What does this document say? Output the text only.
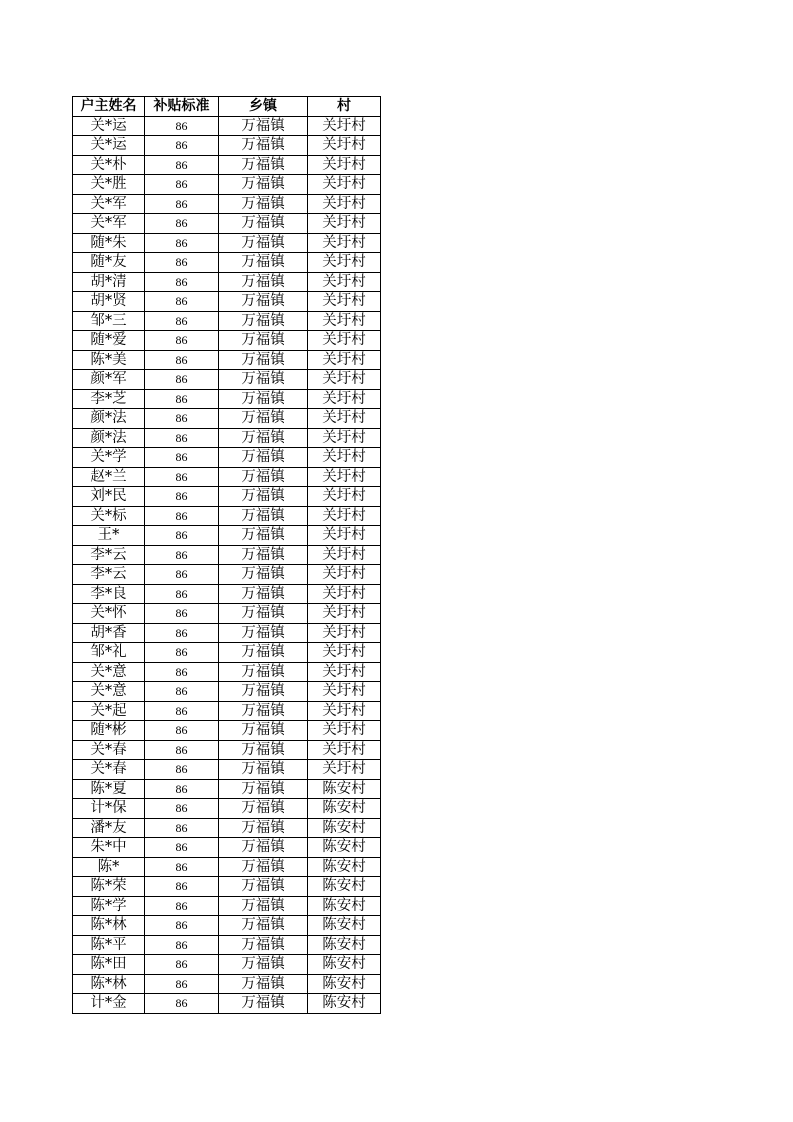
户主姓名	补贴标准	乡镇	村
关*运	86	万福镇	关圩村
关*运	86	万福镇	关圩村
关*朴	86	万福镇	关圩村
关*胜	86	万福镇	关圩村
关*军	86	万福镇	关圩村
关*军	86	万福镇	关圩村
随*朱	86	万福镇	关圩村
随*友	86	万福镇	关圩村
胡*清	86	万福镇	关圩村
胡*贤	86	万福镇	关圩村
邹*三	86	万福镇	关圩村
随*爱	86	万福镇	关圩村
陈*美	86	万福镇	关圩村
颜*军	86	万福镇	关圩村
李*芝	86	万福镇	关圩村
颜*法	86	万福镇	关圩村
颜*法	86	万福镇	关圩村
关*学	86	万福镇	关圩村
赵*兰	86	万福镇	关圩村
刘*民	86	万福镇	关圩村
关*标	86	万福镇	关圩村
王*	86	万福镇	关圩村
李*云	86	万福镇	关圩村
李*云	86	万福镇	关圩村
李*良	86	万福镇	关圩村
关*怀	86	万福镇	关圩村
胡*香	86	万福镇	关圩村
邹*礼	86	万福镇	关圩村
关*意	86	万福镇	关圩村
关*意	86	万福镇	关圩村
关*起	86	万福镇	关圩村
随*彬	86	万福镇	关圩村
关*春	86	万福镇	关圩村
关*春	86	万福镇	关圩村
陈*夏	86	万福镇	陈安村
计*保	86	万福镇	陈安村
潘*友	86	万福镇	陈安村
朱*中	86	万福镇	陈安村
陈*	86	万福镇	陈安村
陈*荣	86	万福镇	陈安村
陈*学	86	万福镇	陈安村
陈*林	86	万福镇	陈安村
陈*平	86	万福镇	陈安村
陈*田	86	万福镇	陈安村
陈*林	86	万福镇	陈安村
计*金	86	万福镇	陈安村
